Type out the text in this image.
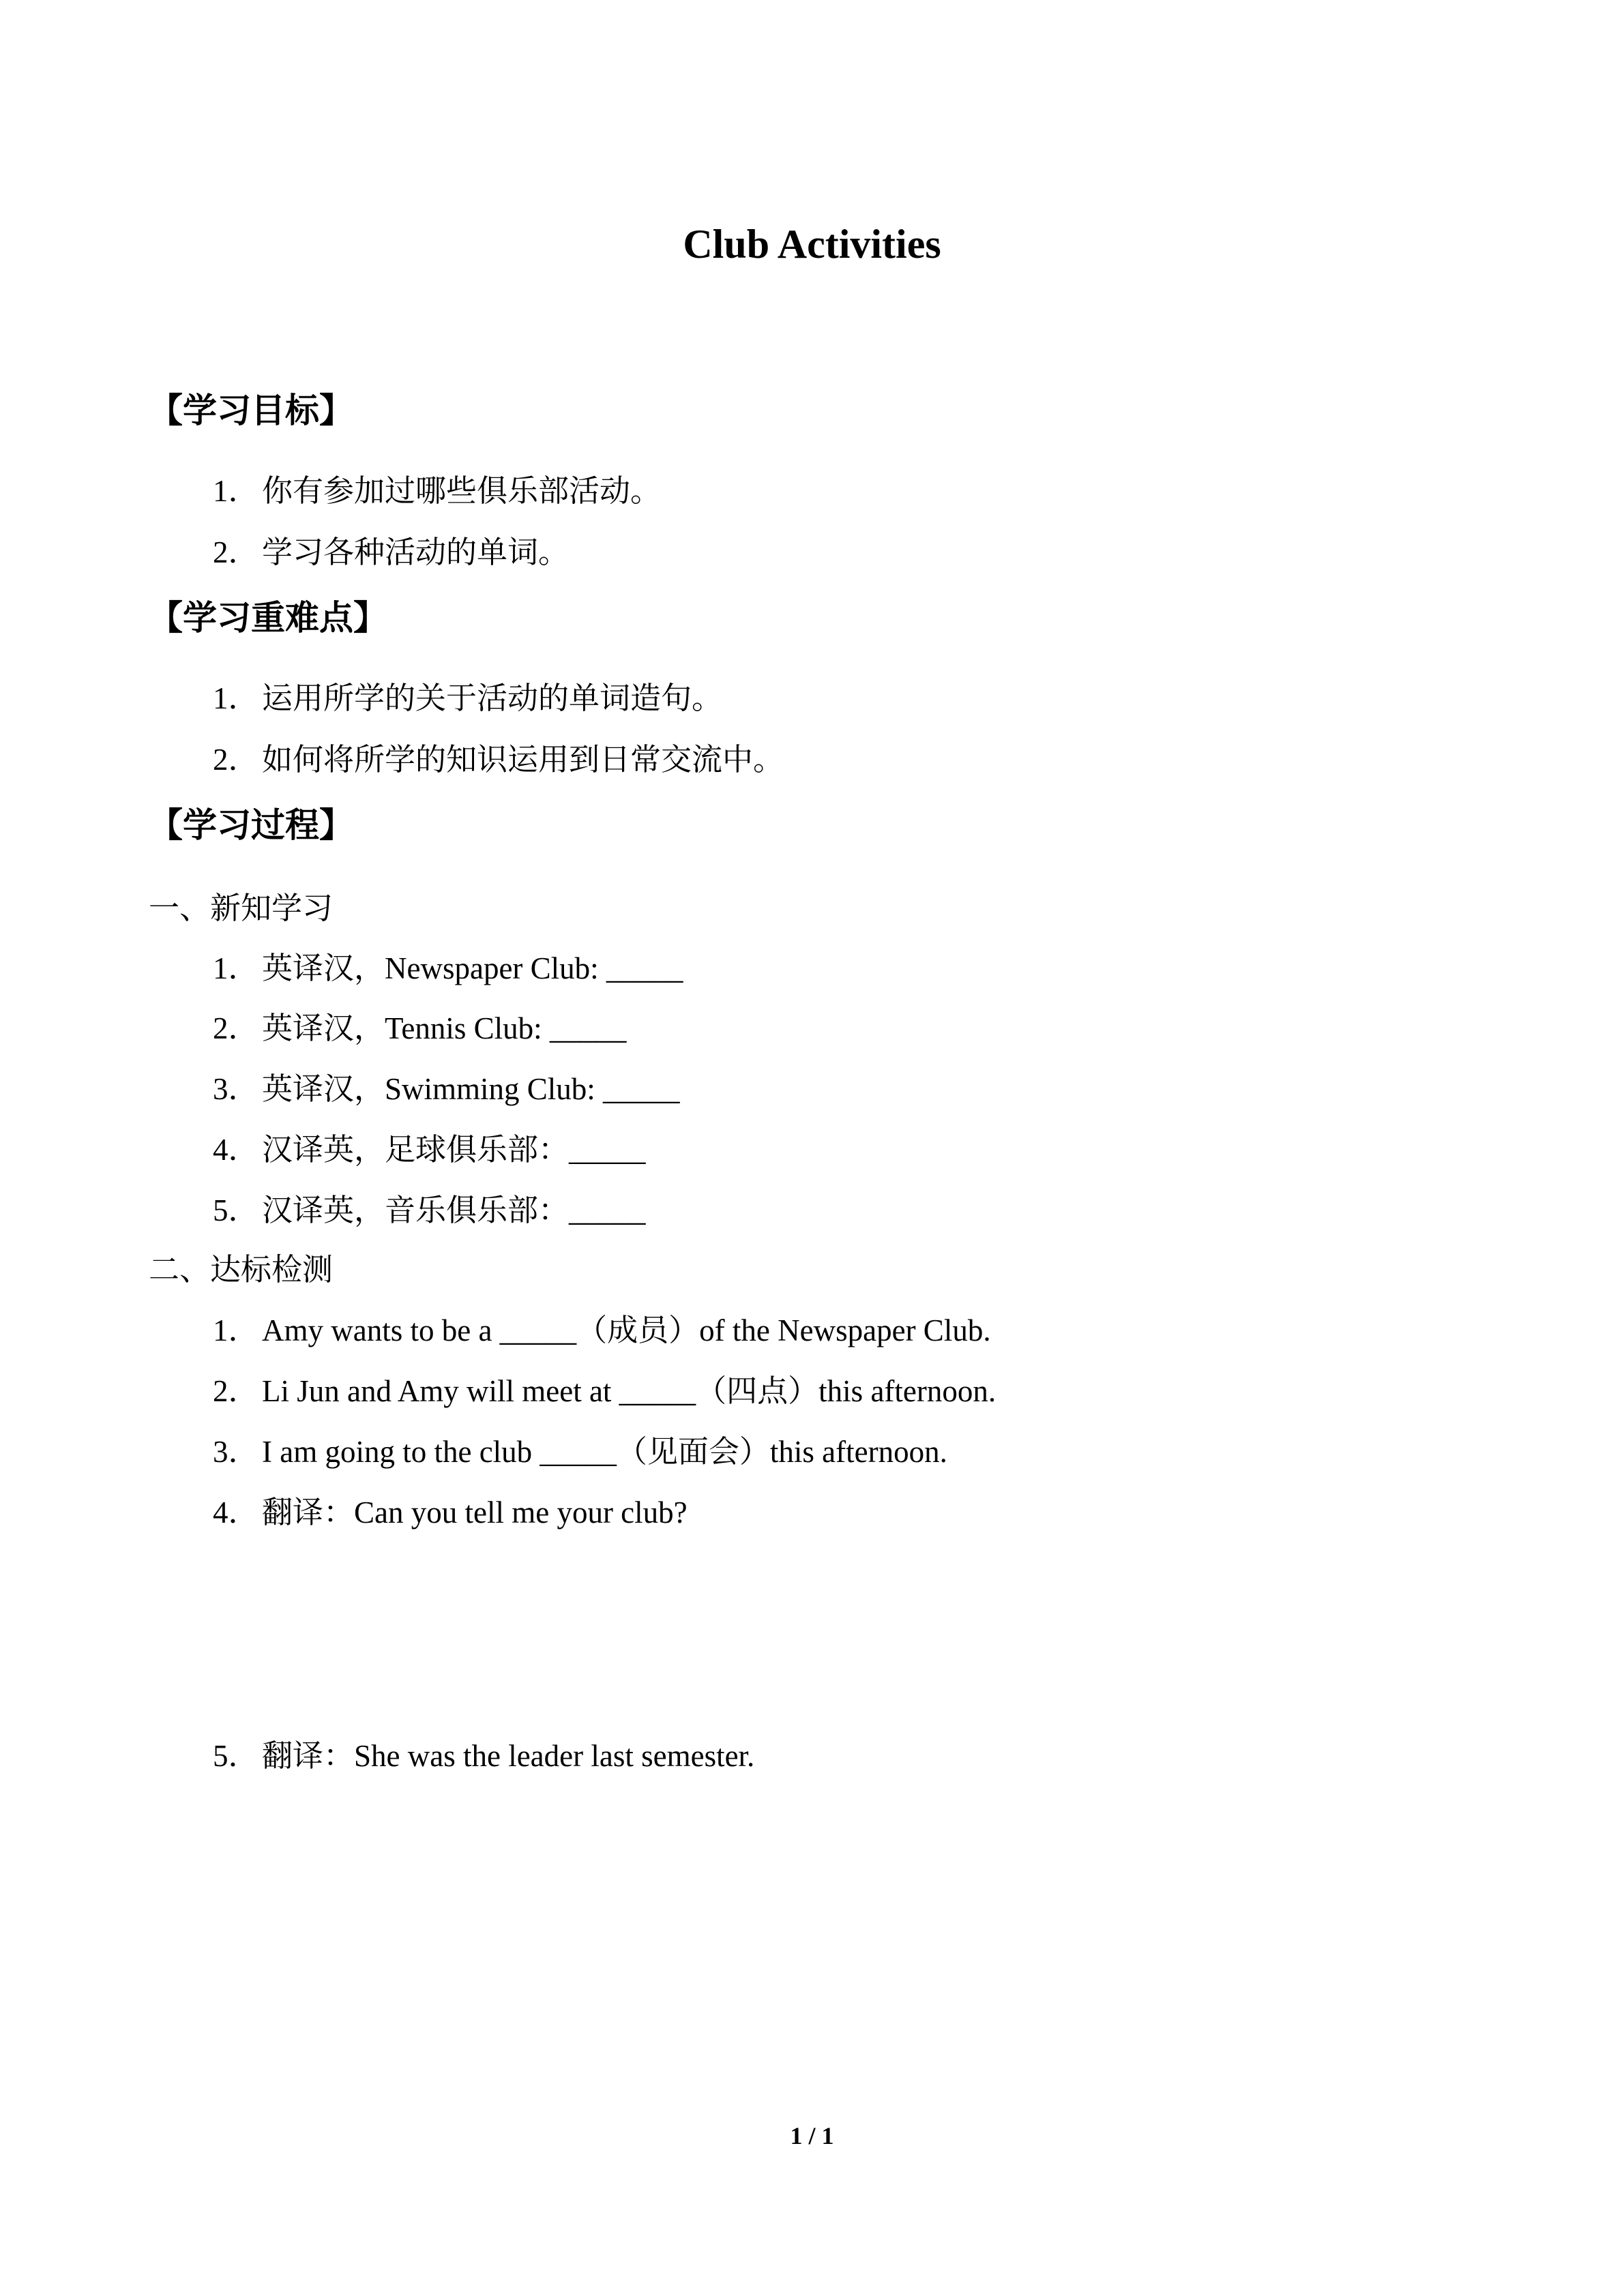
Club Activities
【学习目标】
1．你有参加过哪些俱乐部活动。
2．学习各种活动的单词。
【学习重难点】
1．运用所学的关于活动的单词造句。
2．如何将所学的知识运用到日常交流中。
【学习过程】
一、新知学习
1．英译汉，Newspaper Club: _____
2．英译汉，Tennis Club: _____
3．英译汉，Swimming Club: _____
4．汉译英，足球俱乐部：_____
5．汉译英，音乐俱乐部：_____
二、达标检测
1．Amy wants to be a _____（成员）of the Newspaper Club.
2．Li Jun and Amy will meet at _____（四点）this afternoon.
3．I am going to the club _____（见面会）this afternoon.
4．翻译：Can you tell me your club?
5．翻译：She was the leader last semester.
1 / 1
